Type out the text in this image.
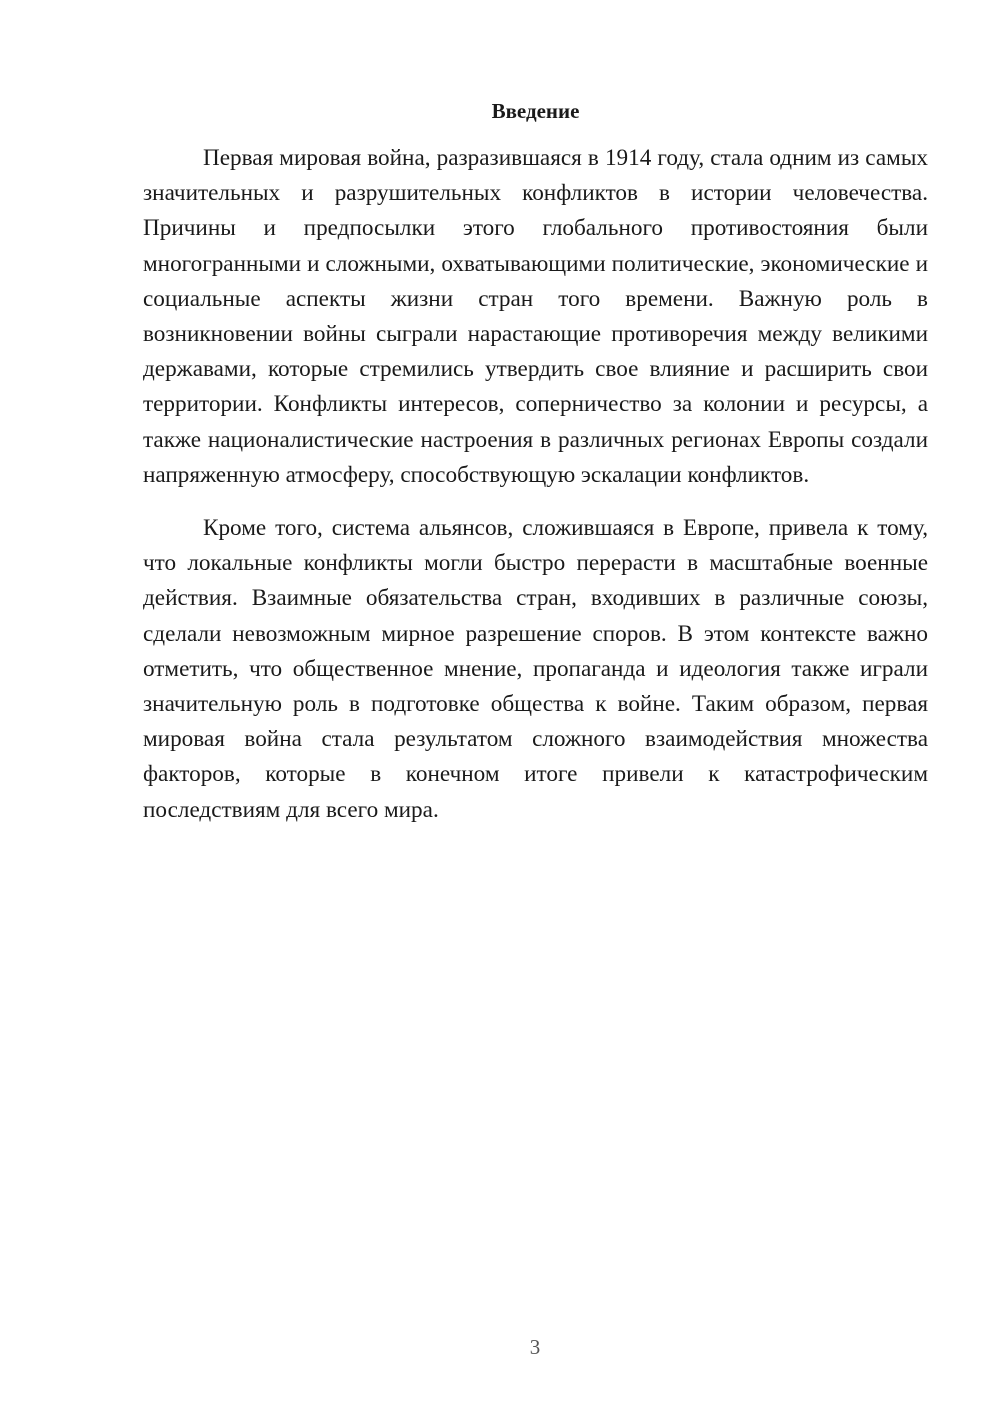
Введение

Первая мировая война, разразившаяся в 1914 году, стала одним из самых значительных и разрушительных конфликтов в истории человечества. Причины и предпосылки этого глобального противостояния были многогранными и сложными, охватывающими политические, экономические и социальные аспекты жизни стран того времени. Важную роль в возникновении войны сыграли нарастающие противоречия между великими державами, которые стремились утвердить свое влияние и расширить свои территории. Конфликты интересов, соперничество за колонии и ресурсы, а также националистические настроения в различных регионах Европы создали напряженную атмосферу, способствующую эскалации конфликтов.

Кроме того, система альянсов, сложившаяся в Европе, привела к тому, что локальные конфликты могли быстро перерасти в масштабные военные действия. Взаимные обязательства стран, входивших в различные союзы, сделали невозможным мирное разрешение споров. В этом контексте важно отметить, что общественное мнение, пропаганда и идеология также играли значительную роль в подготовке общества к войне. Таким образом, первая мировая война стала результатом сложного взаимодействия множества факторов, которые в конечном итоге привели к катастрофическим последствиям для всего мира.

3
